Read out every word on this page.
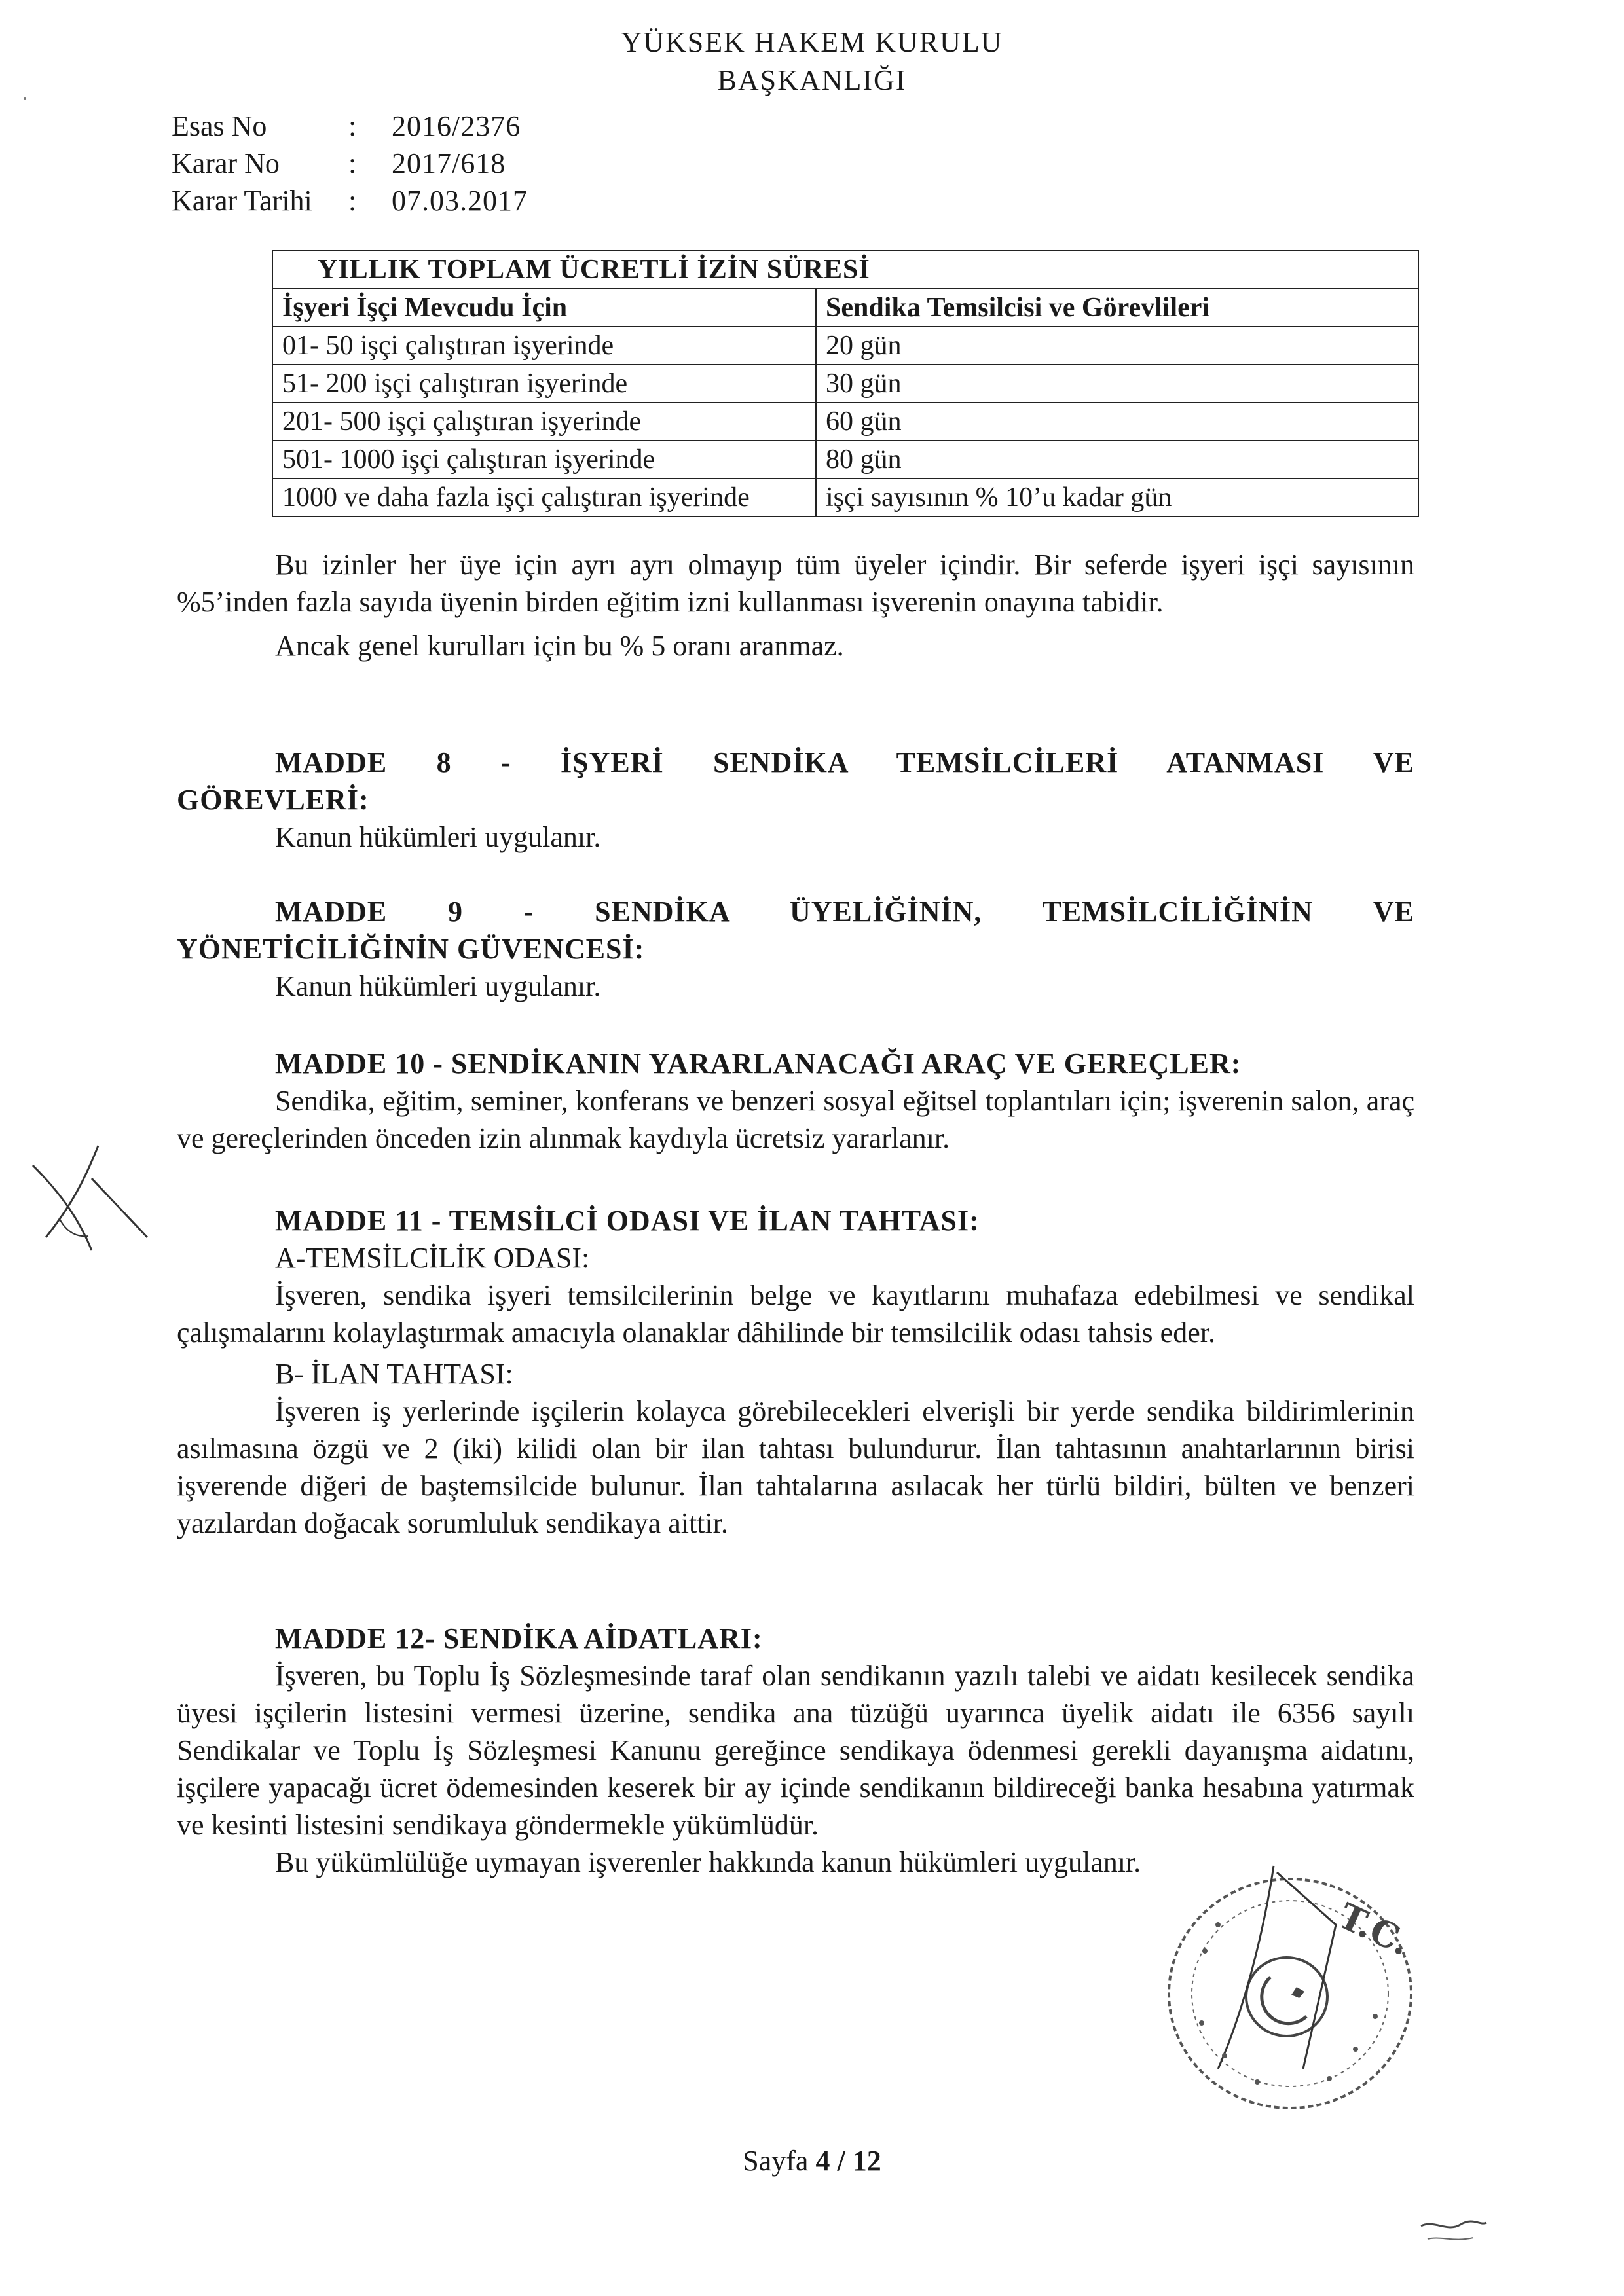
YÜKSEK HAKEM KURULU
BAŞKANLIĞI
Esas No	:	2016/2376
Karar No	:	2017/618
Karar Tarihi	:	07.03.2017
YILLIK TOPLAM ÜCRETLİ İZİN SÜRESİ	
İşyeri İşçi Mevcudu İçin	Sendika Temsilcisi ve Görevlileri
01- 50 işçi çalıştıran işyerinde	20 gün
51- 200 işçi çalıştıran işyerinde	30 gün
201- 500 işçi çalıştıran işyerinde	60 gün
501- 1000 işçi çalıştıran işyerinde	80 gün
1000 ve daha fazla işçi çalıştıran işyerinde	işçi sayısının % 10’u kadar gün

Bu izinler her üye için ayrı ayrı olmayıp tüm üyeler içindir. Bir seferde işyeri işçi sayısının %5’inden fazla sayıda üyenin birden eğitim izni kullanması işverenin onayına tabidir.

Ancak genel kurulları için bu % 5 oranı aranmaz.

MADDE 8 - İŞYERİ SENDİKA TEMSİLCİLERİ ATANMASI VE

GÖREVLERİ:

Kanun hükümleri uygulanır.

MADDE 9 - SENDİKA ÜYELİĞİNİN, TEMSİLCİLİĞİNİN VE

YÖNETİCİLİĞİNİN GÜVENCESİ:

Kanun hükümleri uygulanır.

MADDE 10 - SENDİKANIN YARARLANACAĞI ARAÇ VE GEREÇLER:

Sendika, eğitim, seminer, konferans ve benzeri sosyal eğitsel toplantıları için; işverenin salon, araç ve gereçlerinden önceden izin alınmak kaydıyla ücretsiz yararlanır.

MADDE 11 - TEMSİLCİ ODASI VE İLAN TAHTASI:

A-TEMSİLCİLİK ODASI:

İşveren, sendika işyeri temsilcilerinin belge ve kayıtlarını muhafaza edebilmesi ve sendikal çalışmalarını kolaylaştırmak amacıyla olanaklar dâhilinde bir temsilcilik odası tahsis eder.

B- İLAN TAHTASI:

İşveren iş yerlerinde işçilerin kolayca görebilecekleri elverişli bir yerde sendika bildirimlerinin asılmasına özgü ve 2 (iki) kilidi olan bir ilan tahtası bulundurur. İlan tahtasının anahtarlarının birisi işverende diğeri de baştemsilcide bulunur. İlan tahtalarına asılacak her türlü bildiri, bülten ve benzeri yazılardan doğacak sorumluluk sendikaya aittir.

MADDE 12- SENDİKA AİDATLARI:

İşveren, bu Toplu İş Sözleşmesinde taraf olan sendikanın yazılı talebi ve aidatı kesilecek sendika üyesi işçilerin listesini vermesi üzerine, sendika ana tüzüğü uyarınca üyelik aidatı ile 6356 sayılı Sendikalar ve Toplu İş Sözleşmesi Kanunu gereğince sendikaya ödenmesi gerekli dayanışma aidatını, işçilere yapacağı ücret ödemesinden keserek bir ay içinde sendikanın bildireceği banka hesabına yatırmak ve kesinti listesini sendikaya göndermekle yükümlüdür.

Bu yükümlülüğe uymayan işverenler hakkında kanun hükümleri uygulanır.

T.C.
Sayfa 4 / 12
